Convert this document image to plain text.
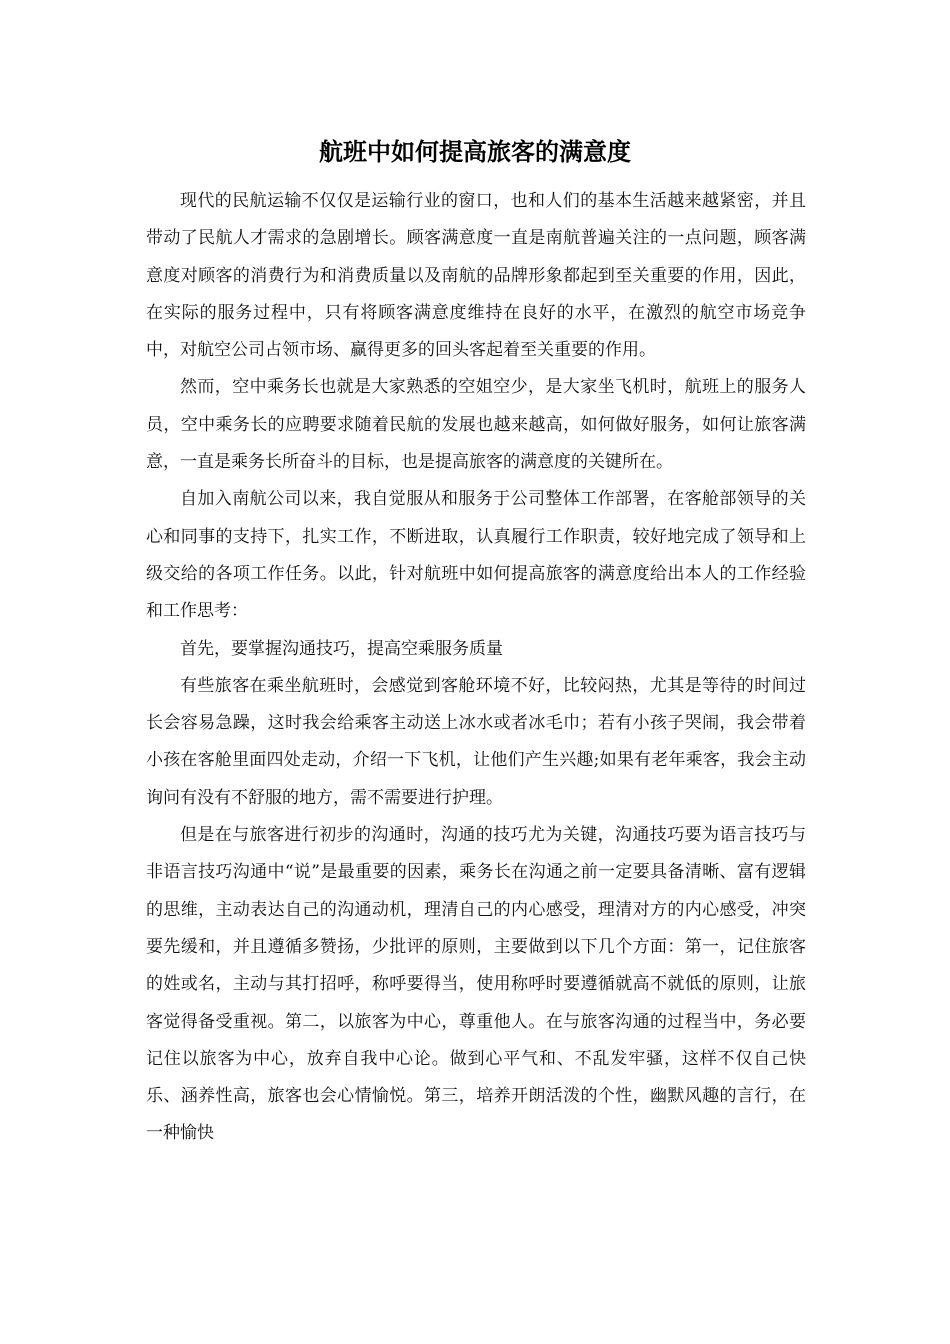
航班中如何提高旅客的满意度

现代的民航运输不仅仅是运输行业的窗口，也和人们的基本生活越来越紧密，并且带动了民航人才需求的急剧增长。顾客满意度一直是南航普遍关注的一点问题，顾客满意度对顾客的消费行为和消费质量以及南航的品牌形象都起到至关重要的作用，因此，在实际的服务过程中，只有将顾客满意度维持在良好的水平，在激烈的航空市场竞争中，对航空公司占领市场、赢得更多的回头客起着至关重要的作用。

然而，空中乘务长也就是大家熟悉的空姐空少，是大家坐飞机时，航班上的服务人员，空中乘务长的应聘要求随着民航的发展也越来越高，如何做好服务，如何让旅客满意，一直是乘务长所奋斗的目标，也是提高旅客的满意度的关键所在。

自加入南航公司以来，我自觉服从和服务于公司整体工作部署，在客舱部领导的关心和同事的支持下，扎实工作，不断进取，认真履行工作职责，较好地完成了领导和上级交给的各项工作任务。以此，针对航班中如何提高旅客的满意度给出本人的工作经验和工作思考：

首先，要掌握沟通技巧，提高空乘服务质量

有些旅客在乘坐航班时，会感觉到客舱环境不好，比较闷热，尤其是等待的时间过长会容易急躁，这时我会给乘客主动送上冰水或者冰毛巾；若有小孩子哭闹，我会带着小孩在客舱里面四处走动，介绍一下飞机，让他们产生兴趣;如果有老年乘客，我会主动询问有没有不舒服的地方，需不需要进行护理。

但是在与旅客进行初步的沟通时，沟通的技巧尤为关键，沟通技巧要为语言技巧与非语言技巧沟通中“说”是最重要的因素，乘务长在沟通之前一定要具备清晰、富有逻辑的思维，主动表达自己的沟通动机，理清自己的内心感受，理清对方的内心感受，冲突要先缓和，并且遵循多赞扬，少批评的原则，主要做到以下几个方面：第一，记住旅客的姓或名，主动与其打招呼，称呼要得当，使用称呼时要遵循就高不就低的原则，让旅客觉得备受重视。第二，以旅客为中心，尊重他人。在与旅客沟通的过程当中，务必要记住以旅客为中心，放弃自我中心论。做到心平气和、不乱发牢骚，这样不仅自己快乐、涵养性高，旅客也会心情愉悦。第三，培养开朗活泼的个性，幽默风趣的言行，在一种愉快
